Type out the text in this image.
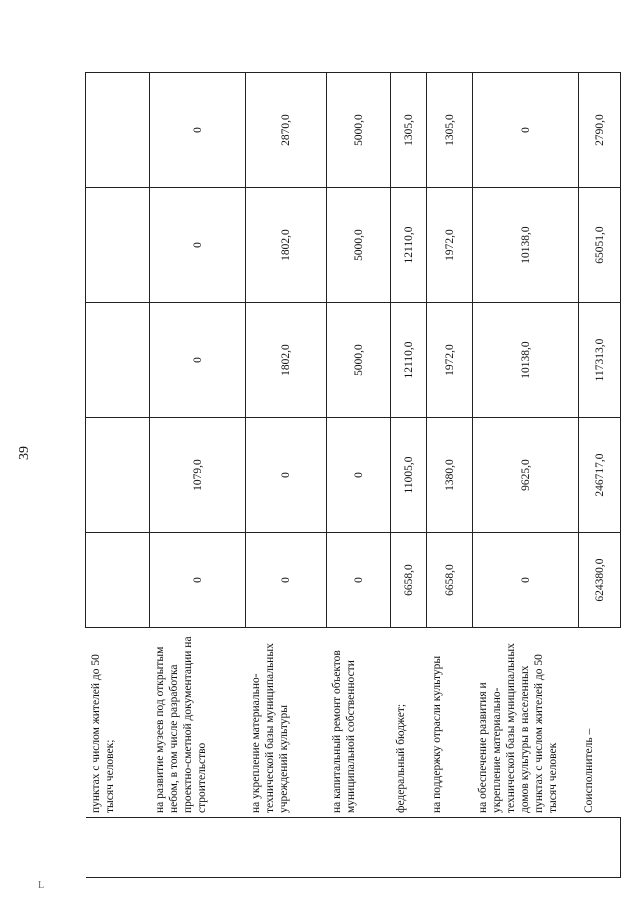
39
L
	пунктах с числом жителей до 50 тысяч человек;					
	на развитие музеев под открытым небом, в том числе разработка проектно-сметной документации на строительство	0	1079,0	0	0	0
	на укрепление материально-технической базы муниципальных учреждений культуры	0	0	1802,0	1802,0	2870,0
	на капитальный ремонт объектов муниципальной собственности	0	0	5000,0	5000,0	5000,0
	федеральный бюджет;	6658,0	11005,0	12110,0	12110,0	1305,0
	на поддержку отрасли культуры	6658,0	1380,0	1972,0	1972,0	1305,0
	на обеспечение развития и укрепление материально-технической базы муниципальных домов культуры в населенных пунктах с числом жителей до 50 тысяч человек	0	9625,0	10138,0	10138,0	0
	Соисполнитель –	624380,0	246717,0	117313,0	65051,0	2790,0
